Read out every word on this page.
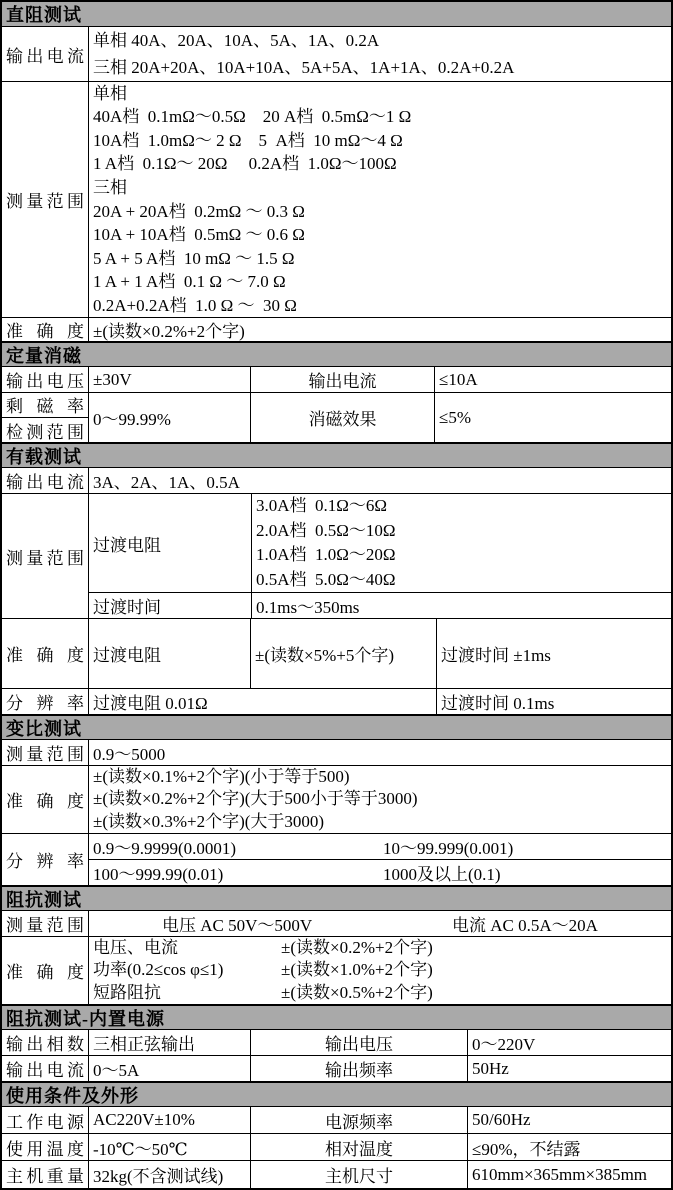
直阻测试
输出电流
单相 40A、20A、10A、5A、1A、0.2A
三相 20A+20A、10A+10A、5A+5A、1A+1A、0.2A+0.2A
测量范围
单相
40A档  0.1mΩ～0.5Ω    20 A档  0.5mΩ～1 Ω
10A档  1.0mΩ～ 2 Ω    5  A档  10 mΩ～4 Ω
1 A档  0.1Ω～ 20Ω     0.2A档  1.0Ω～100Ω
三相
20A + 20A档  0.2mΩ ～ 0.3 Ω
10A + 10A档  0.5mΩ ～ 0.6 Ω
5 A + 5 A档  10 mΩ ～ 1.5 Ω
1 A + 1 A档  0.1 Ω ～ 7.0 Ω
0.2A+0.2A档  1.0 Ω ～  30 Ω
准 确 度 ±(读数×0.2%+2个字)
定量消磁
输出电压 ±30V	输出电流	≤10A
剩 磁 率
检测范围
0～99.99%	消磁效果	≤5%
有载测试
输出电流 3A、2A、1A、0.5A
测量范围
过渡电阻
3.0A档  0.1Ω～6Ω
2.0A档  0.5Ω～10Ω
1.0A档  1.0Ω～20Ω
0.5A档  5.0Ω～40Ω
过渡时间	0.1ms～350ms
准 确 度 过渡电阻	±(读数×5%+5个字)	过渡时间 ±1ms
分 辨 率 过渡电阻 0.01Ω	过渡时间 0.1ms
变比测试
测量范围 0.9～5000
准 确 度
±(读数×0.1%+2个字)(小于等于500)
±(读数×0.2%+2个字)(大于500小于等于3000)
±(读数×0.3%+2个字)(大于3000)
分 辨 率
0.9～9.9999(0.0001)	10～99.999(0.001)
100～999.99(0.01)	1000及以上(0.1)
阻抗测试
测量范围	电压 AC 50V～500V	电流 AC 0.5A～20A
准 确 度
电压、电流	±(读数×0.2%+2个字)
功率(0.2≤cos φ≤1)	±(读数×1.0%+2个字)
短路阻抗	±(读数×0.5%+2个字)
阻抗测试-内置电源
输出相数 三相正弦输出	输出电压	0～220V
输出电流 0～5A	输出频率	50Hz
使用条件及外形
工作电源 AC220V±10%	电源频率	50/60Hz
使用温度 -10℃～50℃	相对温度	≤90%，不结露
主机重量 32kg(不含测试线)	主机尺寸	610mm×365mm×385mm
